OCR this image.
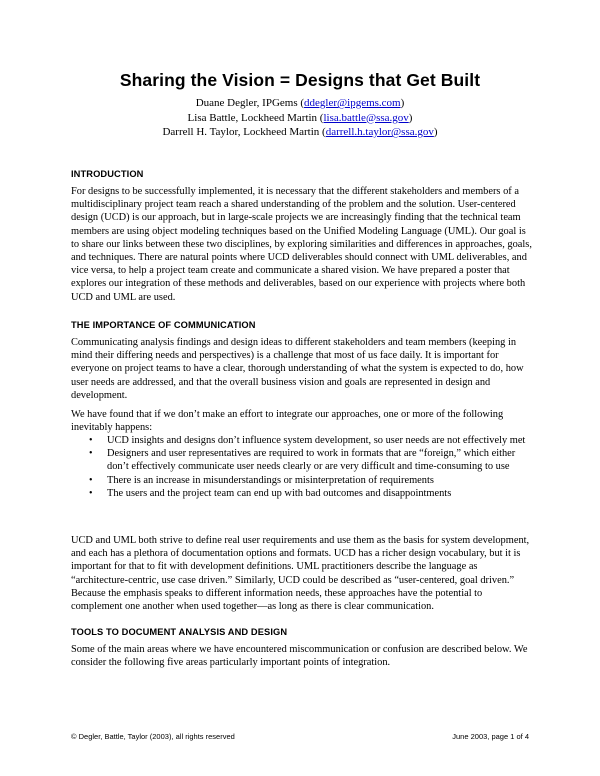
Sharing the Vision = Designs that Get Built
Duane Degler, IPGems (ddegler@ipgems.com)
Lisa Battle, Lockheed Martin (lisa.battle@ssa.gov)
Darrell H. Taylor, Lockheed Martin (darrell.h.taylor@ssa.gov)
INTRODUCTION

For designs to be successfully implemented, it is necessary that the different stakeholders and members of a multidisciplinary project team reach a shared understanding of the problem and the solution. User-centered design (UCD) is our approach, but in large-scale projects we are increasingly finding that the technical team members are using object modeling techniques based on the Unified Modeling Language (UML). Our goal is to share our links between these two disciplines, by exploring similarities and differences in approaches, goals, and techniques. There are natural points where UCD deliverables should connect with UML deliverables, and vice versa, to help a project team create and communicate a shared vision. We have prepared a poster that explores our integration of these methods and deliverables, based on our experience with projects where both UCD and UML are used.

THE IMPORTANCE OF COMMUNICATION

Communicating analysis findings and design ideas to different stakeholders and team members (keeping in mind their differing needs and perspectives) is a challenge that most of us face daily. It is important for everyone on project teams to have a clear, thorough understanding of what the system is expected to do, how user needs are addressed, and that the overall business vision and goals are represented in design and development.

We have found that if we don’t make an effort to integrate our approaches, one or more of the following inevitably happens:

• UCD insights and designs don’t influence system development, so user needs are not effectively met
• Designers and user representatives are required to work in formats that are “foreign,” which either don’t effectively communicate user needs clearly or are very difficult and time-consuming to use
• There is an increase in misunderstandings or misinterpretation of requirements
• The users and the project team can end up with bad outcomes and disappointments

UCD and UML both strive to define real user requirements and use them as the basis for system development, and each has a plethora of documentation options and formats. UCD has a richer design vocabulary, but it is important for that to fit with development definitions. UML practitioners describe the language as “architecture-centric, use case driven.” Similarly, UCD could be described as “user-centered, goal driven.” Because the emphasis speaks to different information needs, these approaches have the potential to complement one another when used together—as long as there is clear communication.

TOOLS TO DOCUMENT ANALYSIS AND DESIGN

Some of the main areas where we have encountered miscommunication or confusion are described below. We consider the following five areas particularly important points of integration.

© Degler, Battle, Taylor (2003), all rights reserved	June 2003, page 1 of 4
